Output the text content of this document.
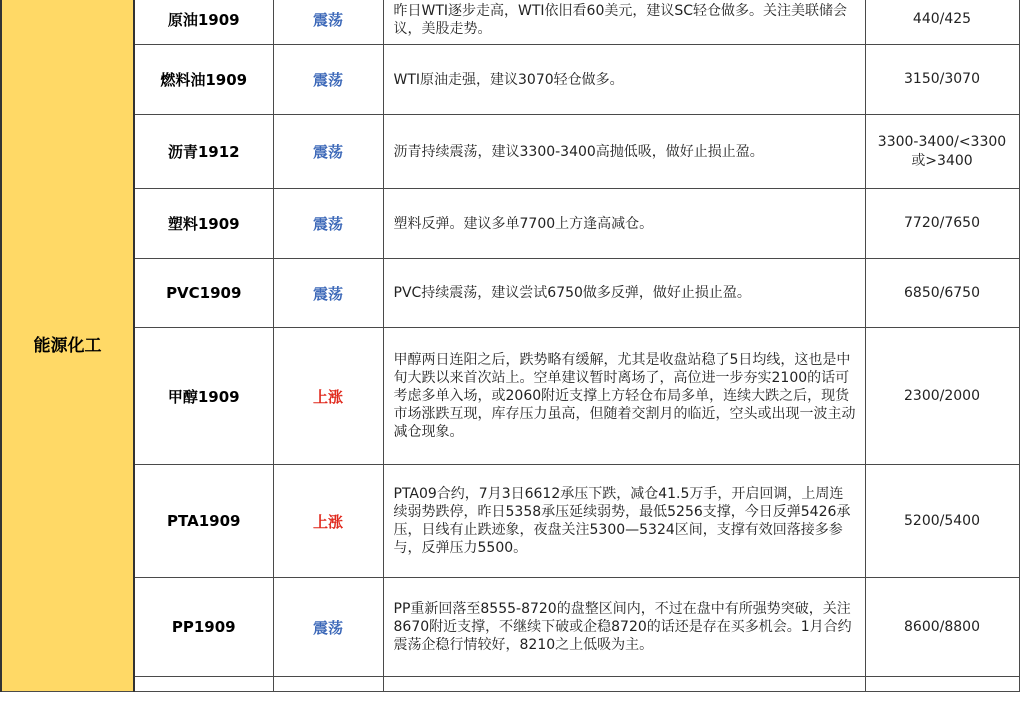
能源化工	原油1909	震荡	昨日WTI逐步走高，WTI依旧看60美元，建议SC轻仓做多。关注美联储会议，美股走势。	440/425
	燃料油1909	震荡	WTI原油走强，建议3070轻仓做多。	3150/3070
	沥青1912	震荡	沥青持续震荡，建议3300-3400高抛低吸，做好止损止盈。	3300-3400/<3300或>3400
	塑料1909	震荡	塑料反弹。建议多单7700上方逢高减仓。	7720/7650
	PVC1909	震荡	PVC持续震荡，建议尝试6750做多反弹，做好止损止盈。	6850/6750
	甲醇1909	上涨	甲醇两日连阳之后，跌势略有缓解，尤其是收盘站稳了5日均线，这也是中旬大跌以来首次站上。空单建议暂时离场了，高位进一步夯实2100的话可考虑多单入场，或2060附近支撑上方轻仓布局多单，连续大跌之后，现货市场涨跌互现，库存压力虽高，但随着交割月的临近，空头或出现一波主动减仓现象。	2300/2000
	PTA1909	上涨	PTA09合约，7月3日6612承压下跌，减仓41.5万手，开启回调，上周连续弱势跌停，昨日5358承压延续弱势，最低5256支撑，今日反弹5426承压，日线有止跌迹象，夜盘关注5300—5324区间，支撑有效回落接多参与，反弹压力5500。	5200/5400
	PP1909	震荡	PP重新回落至8555-8720的盘整区间内，不过在盘中有所强势突破，关注8670附近支撑，不继续下破或企稳8720的话还是存在买多机会。1月合约震荡企稳行情较好，8210之上低吸为主。	8600/8800
